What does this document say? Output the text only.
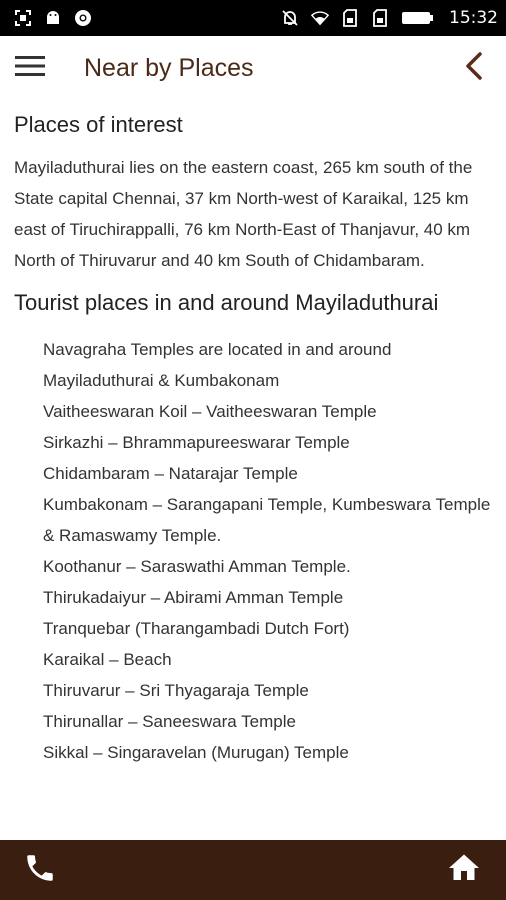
15:32
Near by Places
Places of interest
Mayiladuthurai lies on the eastern coast, 265 km south of the State capital Chennai, 37 km North-west of Karaikal, 125 km east of Tiruchirappalli, 76 km North-East of Thanjavur, 40 km North of Thiruvarur and 40 km South of Chidambaram.
Tourist places in and around Mayiladuthurai
Navagraha Temples are located in and around Mayiladuthurai & Kumbakonam
Vaitheeswaran Koil – Vaitheeswaran Temple
Sirkazhi – Bhrammapureeswarar Temple
Chidambaram – Natarajar Temple
Kumbakonam – Sarangapani Temple, Kumbeswara Temple & Ramaswamy Temple.
Koothanur – Saraswathi Amman Temple.
Thirukadaiyur – Abirami Amman Temple
Tranquebar (Tharangambadi Dutch Fort)
Karaikal – Beach
Thiruvarur – Sri Thyagaraja Temple
Thirunallar – Saneeswara Temple
Sikkal – Singaravelan (Murugan) Temple
